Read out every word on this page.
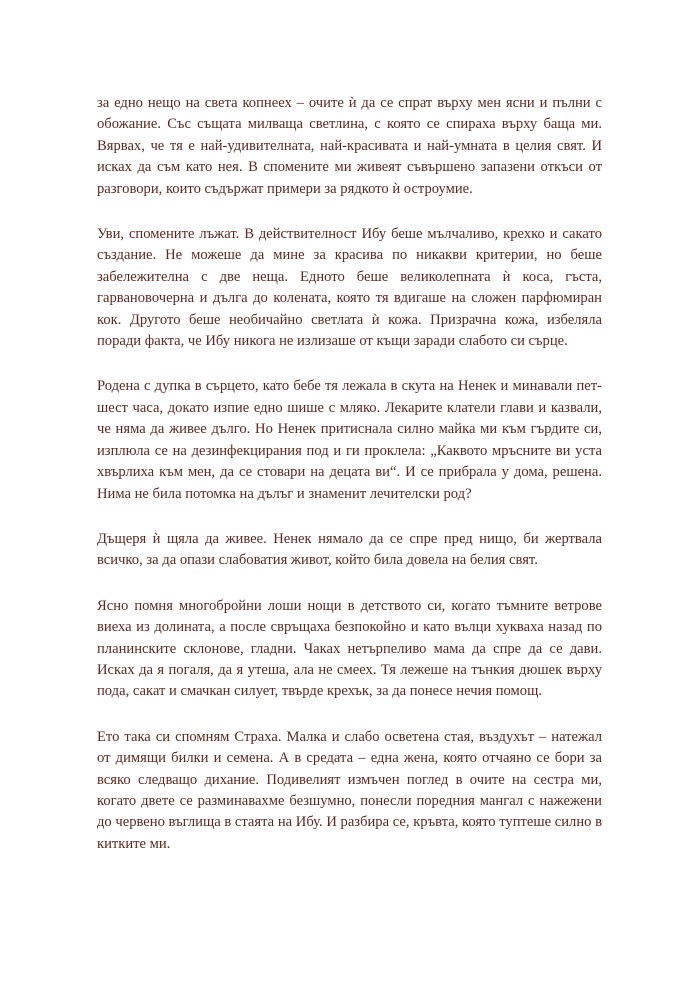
за едно нещо на света копнеех – очите ѝ да се спрат върху мен ясни и пълни с обожание. Със същата милваща светлина, с която се спираха върху баща ми. Вярвах, че тя е най-удивителната, най-красивата и най-умната в целия свят. И исках да съм като нея. В спомените ми живеят съвършено запазени откъси от разговори, които съдържат примери за рядкото ѝ остроумие.

Уви, спомените лъжат. В действителност Ибу беше мълчаливо, крехко и сакато създание. Не можеше да мине за красива по никакви критерии, но беше забележителна с две неща. Едното беше великолепната ѝ коса, гъста, гарвановочерна и дълга до колената, която тя вдигаше на сложен парфюмиран кок. Другото беше необичайно светлата ѝ кожа. Призрачна кожа, избеляла поради факта, че Ибу никога не излизаше от къщи заради слабото си сърце.

Родена с дупка в сърцето, като бебе тя лежала в скута на Ненек и минавали пет-шест часа, докато изпие едно шише с мляко. Лекарите клатели глави и казвали, че няма да живее дълго. Но Ненек притиснала силно майка ми към гърдите си, изплюла се на дезинфекцирания под и ги проклела: „Каквото мръсните ви уста хвърлиха към мен, да се стовари на децата ви“. И се прибрала у дома, решена. Нима не била потомка на дълъг и знаменит лечителски род?

Дъщеря ѝ щяла да живее. Ненек нямало да се спре пред нищо, би жертвала всичко, за да опази слабоватия живот, който била довела на белия свят.

Ясно помня многобройни лоши нощи в детството си, когато тъмните ветрове виеха из долината, а после свръщаха безпокойно и като вълци хукваха назад по планинските склонове, гладни. Чаках нетърпеливо мама да спре да се дави. Исках да я погаля, да я утеша, ала не смеех. Тя лежеше на тънкия дюшек върху пода, сакат и смачкан силует, твърде крехък, за да понесе нечия помощ.

Ето така си спомням Страха. Малка и слабо осветена стая, въздухът – натежал от димящи билки и семена. А в средата – една жена, която отчаяно се бори за всяко следващо дихание. Подивелият измъчен поглед в очите на сестра ми, когато двете се разминавахме безшумно, понесли поредния мангал с нажежени до червено въглища в стаята на Ибу. И разбира се, кръвта, която туптеше силно в китките ми.
